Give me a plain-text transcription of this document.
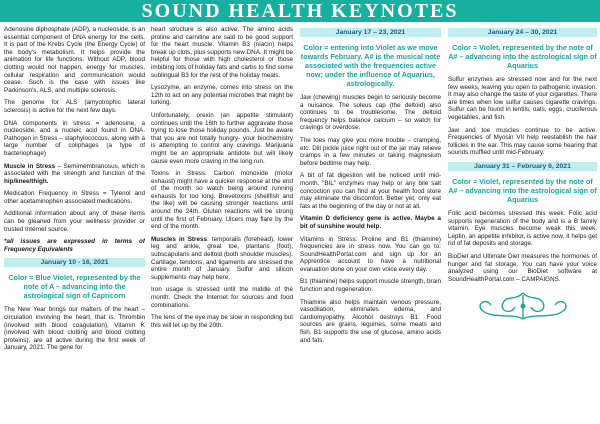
SOUND HEALTH KEYNOTES

Adenosine diphosphate (ADP), a nucleoside, is an essential component of DNA energy for the cells. It is part of the Krebs Cycle (the Energy Cycle) of the body's metabolism. It helps provide the animation for life functions. Without ADP, blood clotting would not happen, energy for muscles, cellular respiration and communication would cease. Such is the case with issues like Parkinson's, ALS, and multiple sclerosis.

The genome for ALS (amyotrophic lateral sclerosis) is active for the next few days.

DNA components in stress = adenosine, a nucleoside, and a nucleic acid found in DNA. Pathogen in Stress – staphylococcus, along with a large number of coliphages (a type of bacteriophage)

Muscle in Stress – Semimembranosus, which is associated with the strength and function of the hip/knee/thigh.

Medication Frequency in Stress = Tylenol and other acetaminophen associated medications.

Additional information about any of these items can be gleaned from your wellness provider or trusted Internet source.

*all issues are expressed in terms of Frequency Equivalents

January 10 - 16, 2021
Color = Blue Violet, represented by the note of A – advancing into the astrological sign of Capricorn

The New Year brings our matters of the heart – circulation involving the heart, that is. Thrombin (involved with blood coagulation), Vitamin K (involved with blood clotting and blood clotting proteins), are all active during the first week of January, 2021. The gene for

heart structure is also active. The amino acids proline and carnitine are said to be good support for the heart muscle. Vitamin B3 (niacin) helps break up clots, plus supports new DNA. It might be helpful for those with high cholesterol or those imbibing lots of holiday fats and carbs to find some sublingual B3 for the rest of the holiday meals.

Lysozyme, an enzyme, comes into stress on the 12th to act on any potential microbes that might be lurking.

Unfortunately, orexin (an appetite stimulant) continues until the 16th to further aggravate those trying to lose those holiday pounds. Just be aware that you are not totally hungry- your biochemistry is attempting to control any cravings. Marijuana might be an appropriate antidote but will likely cause even more craving in the long run.

Toxins in Stress: Carbon monoxide (motor exhaust) might have a quicker response at the end of the month so watch being around running exhausts for too long. Brevetoxins (shellfish and the like) will be causing stronger reactions until around the 24th. Gluten reactions will be strong until the first of February. Ulcers may flare by the end of the month.

Muscles in Stress: temporalis (forehead), lower leg and ankle, great toe, plantaris (foot), subscapularis and deltoid (both shoulder muscles). Cartilage, tendons, and ligaments are stressed the entire month of January. Sulfur and silicon supplements may help here.

Iron usage is stressed until the middle of the month. Check the Internet for sources and food combinations.

The lens of the eye may be slow in responding but this will let up by the 20th.

January 17 – 23, 2021
Color = entering into Violet as we move towards February. A# is the musical note associated with the frequencies active now; under the influence of Aquarius, astrologically.

Jaw (chewing) muscles begin to seriously become a nuisance. The soleus cap (the deltoid) also continues to be troublesome. The deltoid frequency helps balance calcium – so watch for cravings or overdose.

The toes may give you more trouble – cramping, etc. Dill pickle juice right out of the jar may relieve cramps in a few minutes or taking magnesium before bedtime may help.

A bit of fat digestion will be noticed until mid-month. "BIL" enzymes may help or any bile salt concoction you can find at your health food store may eliminate the discomfort. Better yet, only eat fats at the beginning of the day or not at all.

Vitamin D deficiency gene is active. Maybe a bit of sunshine would help.

Vitamins in Stress: Proline and B1 (thiamine) frequencies are in stress now. You can go to: SoundHealthPortal.com and sign up for an Apprentice account to have a nutritional evaluation done on your own voice every day.

B1 (thiamine) helps support muscle strength, brain function and regeneration.

Thiamine also helps maintain venous pressure, vasodilation, eliminates edema, and cardiomyopathy. Alcohol destroys B1. Food sources are grains, legumes, some meats and fish. B1 supports the use of glucose, amino acids and fats.

January 24 – 30, 2021
Color = Violet, represented by the note of A# – advancing into the astrological sign of Aquarius

Sulfur enzymes are stressed now and for the next few weeks, leaving you open to pathogenic invasion. It may also change the taste of your cigarettes. There are times when low sulfur causes cigarette cravings. Sulfur can be found in lentils, oats, eggs, cruciferous vegetables, and fish.

Jaw and toe muscles continue to be active. Frequencies of Myosin VII help reestablish the hair follicles in the ear. This may cause some hearing that sounds muffled until mid-February.

January 31 – February 6, 2021
Color = Violet, represented by the note of A# – advancing into the astrological sign of Aquarius

Folic acid becomes stressed this week. Folic acid supports regeneration of the body and is a B family vitamin. Eye muscles become weak this week. Leptin, an appetite inhibitor, is active now. It helps get rid of fat deposits and storage.

BioDiet and Ultimate Diet measures the hormones of hunger and fat storage. You can have your voice analyzed using our BioDiet software at SoundHealthPortal.com – CAMPAIGNS.
